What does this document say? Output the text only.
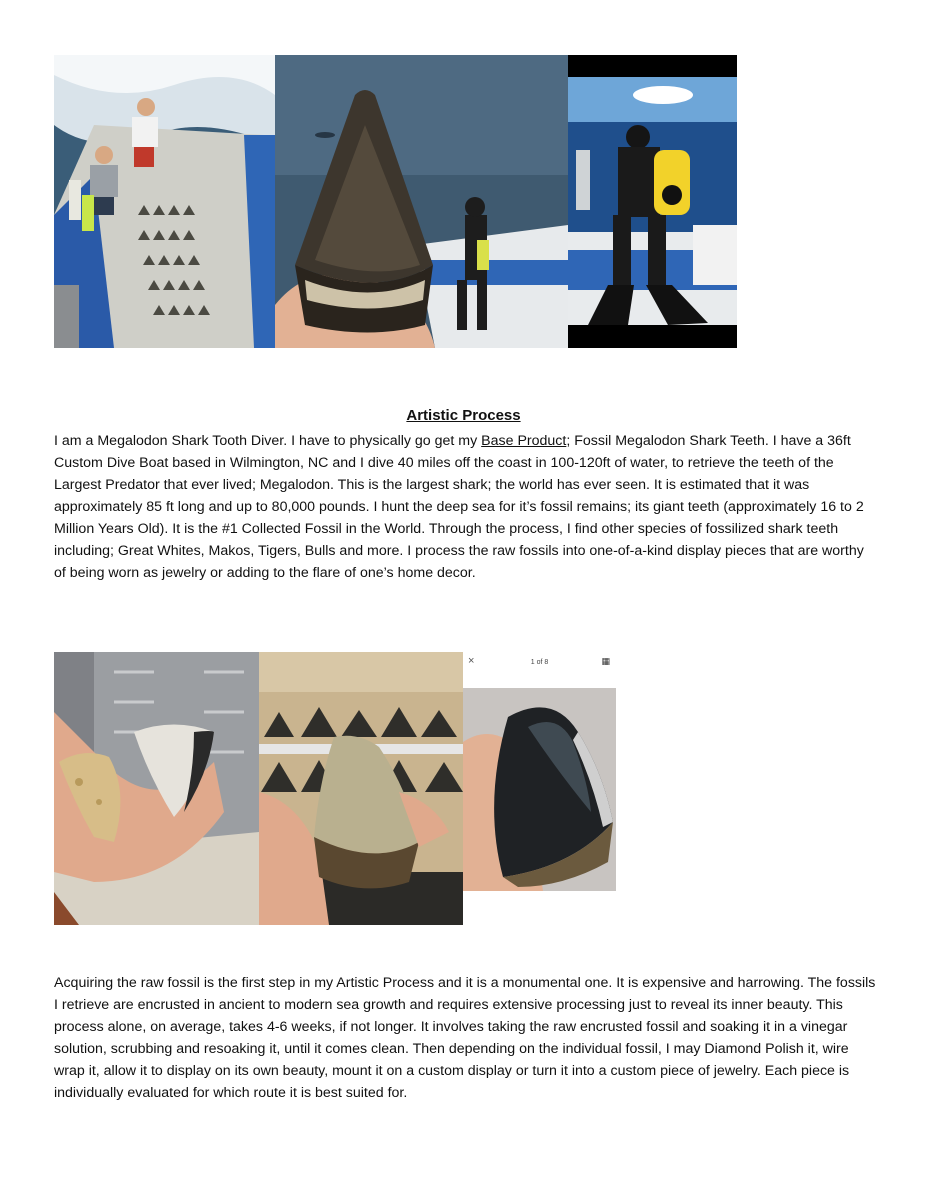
Artistic Process

I am a Megalodon Shark Tooth Diver. I have to physically go get my Base Product; Fossil Megalodon Shark Teeth. I have a 36ft Custom Dive Boat based in Wilmington, NC and I dive 40 miles off the coast in 100-120ft of water, to retrieve the teeth of the Largest Predator that ever lived; Megalodon. This is the largest shark; the world has ever seen. It is estimated that it was approximately 85 ft long and up to 80,000 pounds. I hunt the deep sea for it’s fossil remains; its giant teeth (approximately 16 to 2 Million Years Old). It is the #1 Collected Fossil in the World. Through the process, I find other species of fossilized shark teeth including; Great Whites, Makos, Tigers, Bulls and more. I process the raw fossils into one-of-a-kind display pieces that are worthy of being worn as jewelry or adding to the flare of one’s home decor.

×	1 of 8	▦

Acquiring the raw fossil is the first step in my Artistic Process and it is a monumental one. It is expensive and harrowing. The fossils I retrieve are encrusted in ancient to modern sea growth and requires extensive processing just to reveal its inner beauty. This process alone, on average, takes 4-6 weeks, if not longer. It involves taking the raw encrusted fossil and soaking it in a vinegar solution, scrubbing and resoaking it, until it comes clean. Then depending on the individual fossil, I may Diamond Polish it, wire wrap it, allow it to display on its own beauty, mount it on a custom display or turn it into a custom piece of jewelry. Each piece is individually evaluated for which route it is best suited for.
